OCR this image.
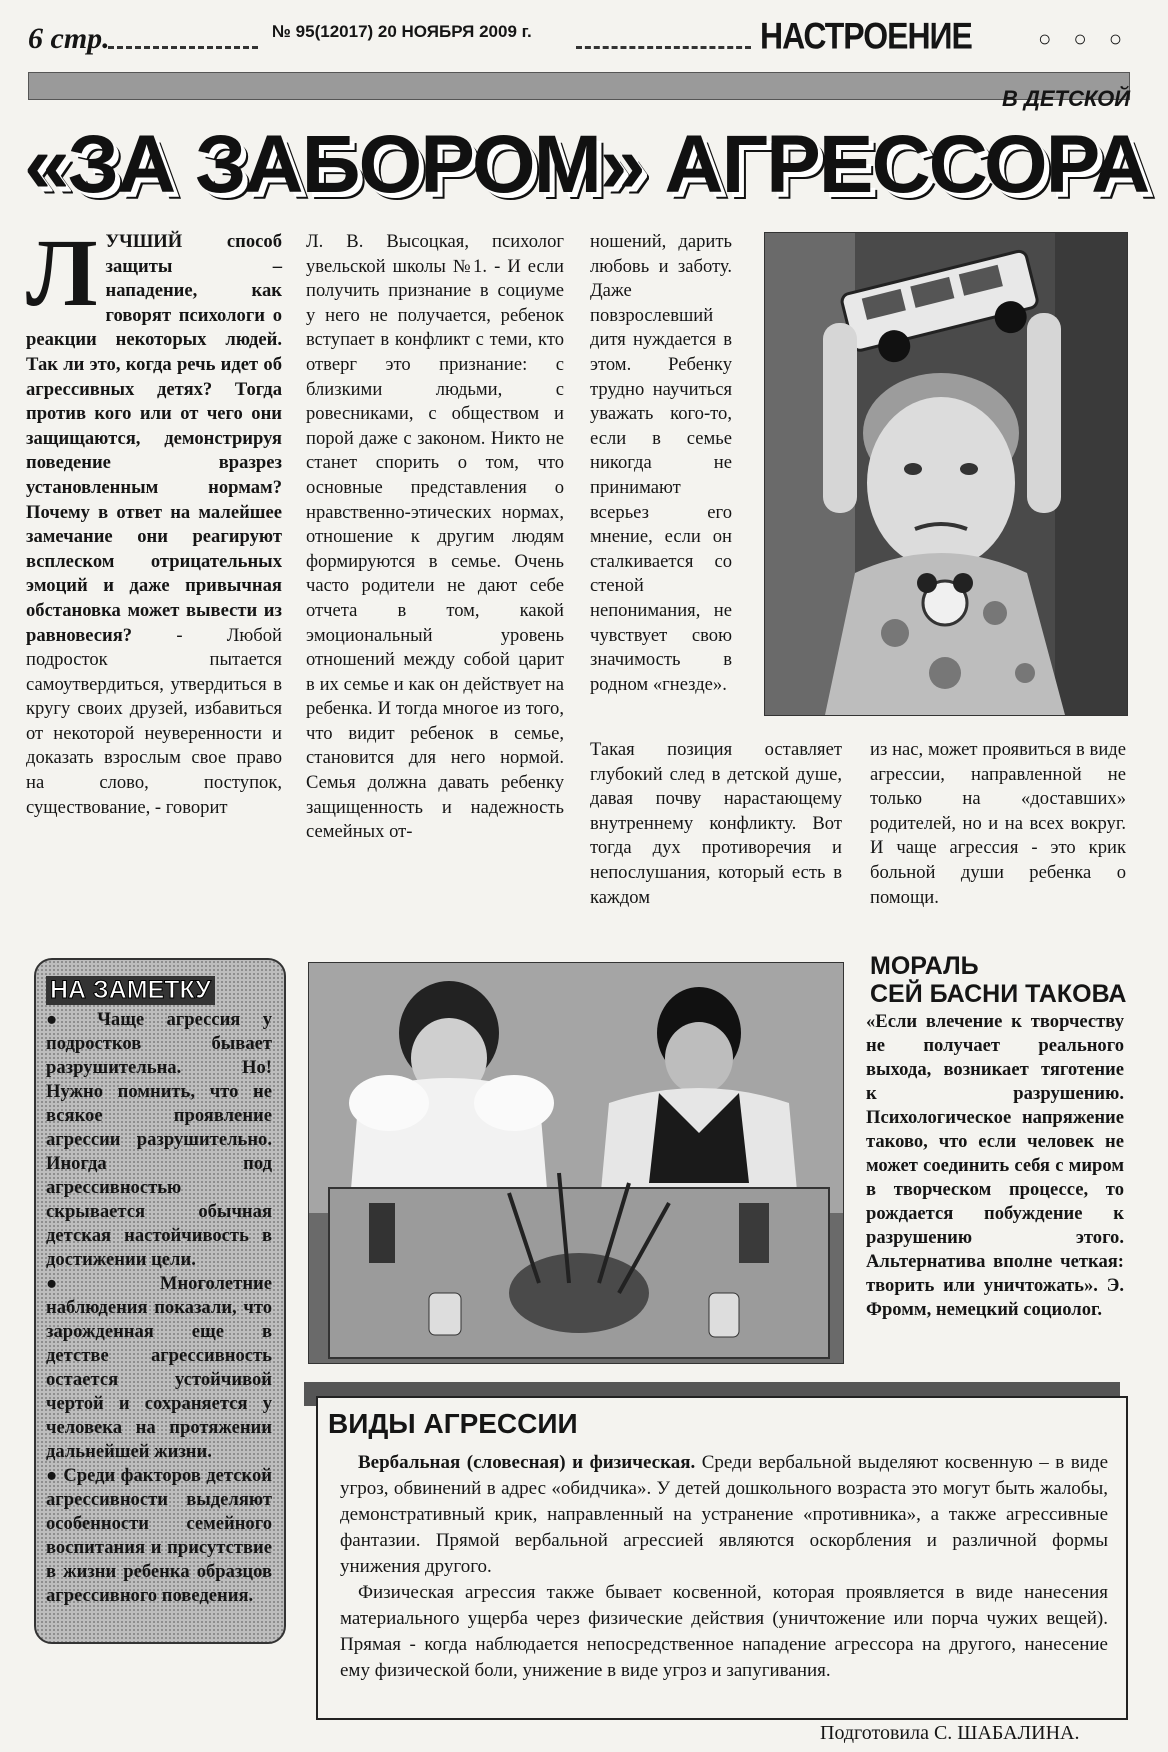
6 стр.	№ 95(12017) 20 НОЯБРЯ 2009 г.	НАСТРОЕНИЕ	○ ○ ○
В ДЕТСКОЙ
«ЗА ЗАБОРОМ» АГРЕССОРА
ЛУЧШИЙ способ защиты – нападение, как говорят психологи о реакции некоторых людей. Так ли это, когда речь идет об агрессивных детях? Тогда против кого или от чего они защищаются, демонстрируя поведение вразрез установленным нормам? Почему в ответ на малейшее замечание они реагируют всплеском отрицательных эмоций и даже привычная обстановка может вывести из равновесия? - Любой подросток пытается самоутвердиться, утвердиться в кругу своих друзей, избавиться от некоторой неуверенности и доказать взрослым свое право на слово, поступок, существование, - говорит

Л. В. Высоцкая, психолог увельской школы №1. - И если получить признание в социуме у него не получается, ребенок вступает в конфликт с теми, кто отверг это признание: с близкими людьми, с ровесниками, с обществом и порой даже с законом. Никто не станет спорить о том, что основные представления о нравственно-этических нормах, отношение к другим людям формируются в семье. Очень часто родители не дают себе отчета в том, какой эмоциональный уровень отношений между собой царит в их семье и как он действует на ребенка. И тогда многое из того, что видит ребенок в семье, становится для него нормой. Семья должна давать ребенку защищенность и надежность семейных от-

ношений, дарить любовь и заботу. Даже повзрослевший дитя нуждается в этом. Ребенку трудно научиться уважать кого-то, если в семье никогда не принимают всерьез его мнение, если он сталкивается со стеной непонимания, не чувствует свою значимость в родном «гнезде».

Такая позиция оставляет глубокий след в детской душе, давая почву нарастающему внутреннему конфликту. Вот тогда дух противоречия и непослушания, который есть в каждом

из нас, может проявиться в виде агрессии, направленной не только на «доставших» родителей, но и на всех вокруг. И чаще агрессия - это крик больной души ребенка о помощи.

НА ЗАМЕТКУ

● Чаще агрессия у подростков бывает разрушительна. Но! Нужно помнить, что не всякое проявление агрессии разрушительно. Иногда под агрессивностью скрывается обычная детская настойчивость в достижении цели.

● Многолетние наблюдения показали, что зарожденная еще в детстве агрессивность остается устойчивой чертой и сохраняется у человека на протяжении дальнейшей жизни.

● Среди факторов детской агрессивности выделяют особенности семейного воспитания и присутствие в жизни ребенка образцов агрессивного поведения.

МОРАЛЬ
СЕЙ БАСНИ ТАКОВА

«Если влечение к творчеству не получает реального выхода, возникает тяготение к разрушению. Психологическое напряжение таково, что если человек не может соединить себя с миром в творческом процессе, то рождается побуждение к разрушению этого. Альтернатива вполне четкая: творить или уничтожать». Э. Фромм, немецкий социолог.

ВИДЫ АГРЕССИИ

Вербальная (словесная) и физическая. Среди вербальной выделяют косвенную – в виде угроз, обвинений в адрес «обидчика». У детей дошкольного возраста это могут быть жалобы, демонстративный крик, направленный на устранение «противника», а также агрессивные фантазии. Прямой вербальной агрессией являются оскорбления и различной формы унижения другого.

Физическая агрессия также бывает косвенной, которая проявляется в виде нанесения материального ущерба через физические действия (уничтожение или порча чужих вещей). Прямая - когда наблюдается непосредственное нападение агрессора на другого, нанесение ему физической боли, унижение в виде угроз и запугивания.

Подготовила С. ШАБАЛИНА.
